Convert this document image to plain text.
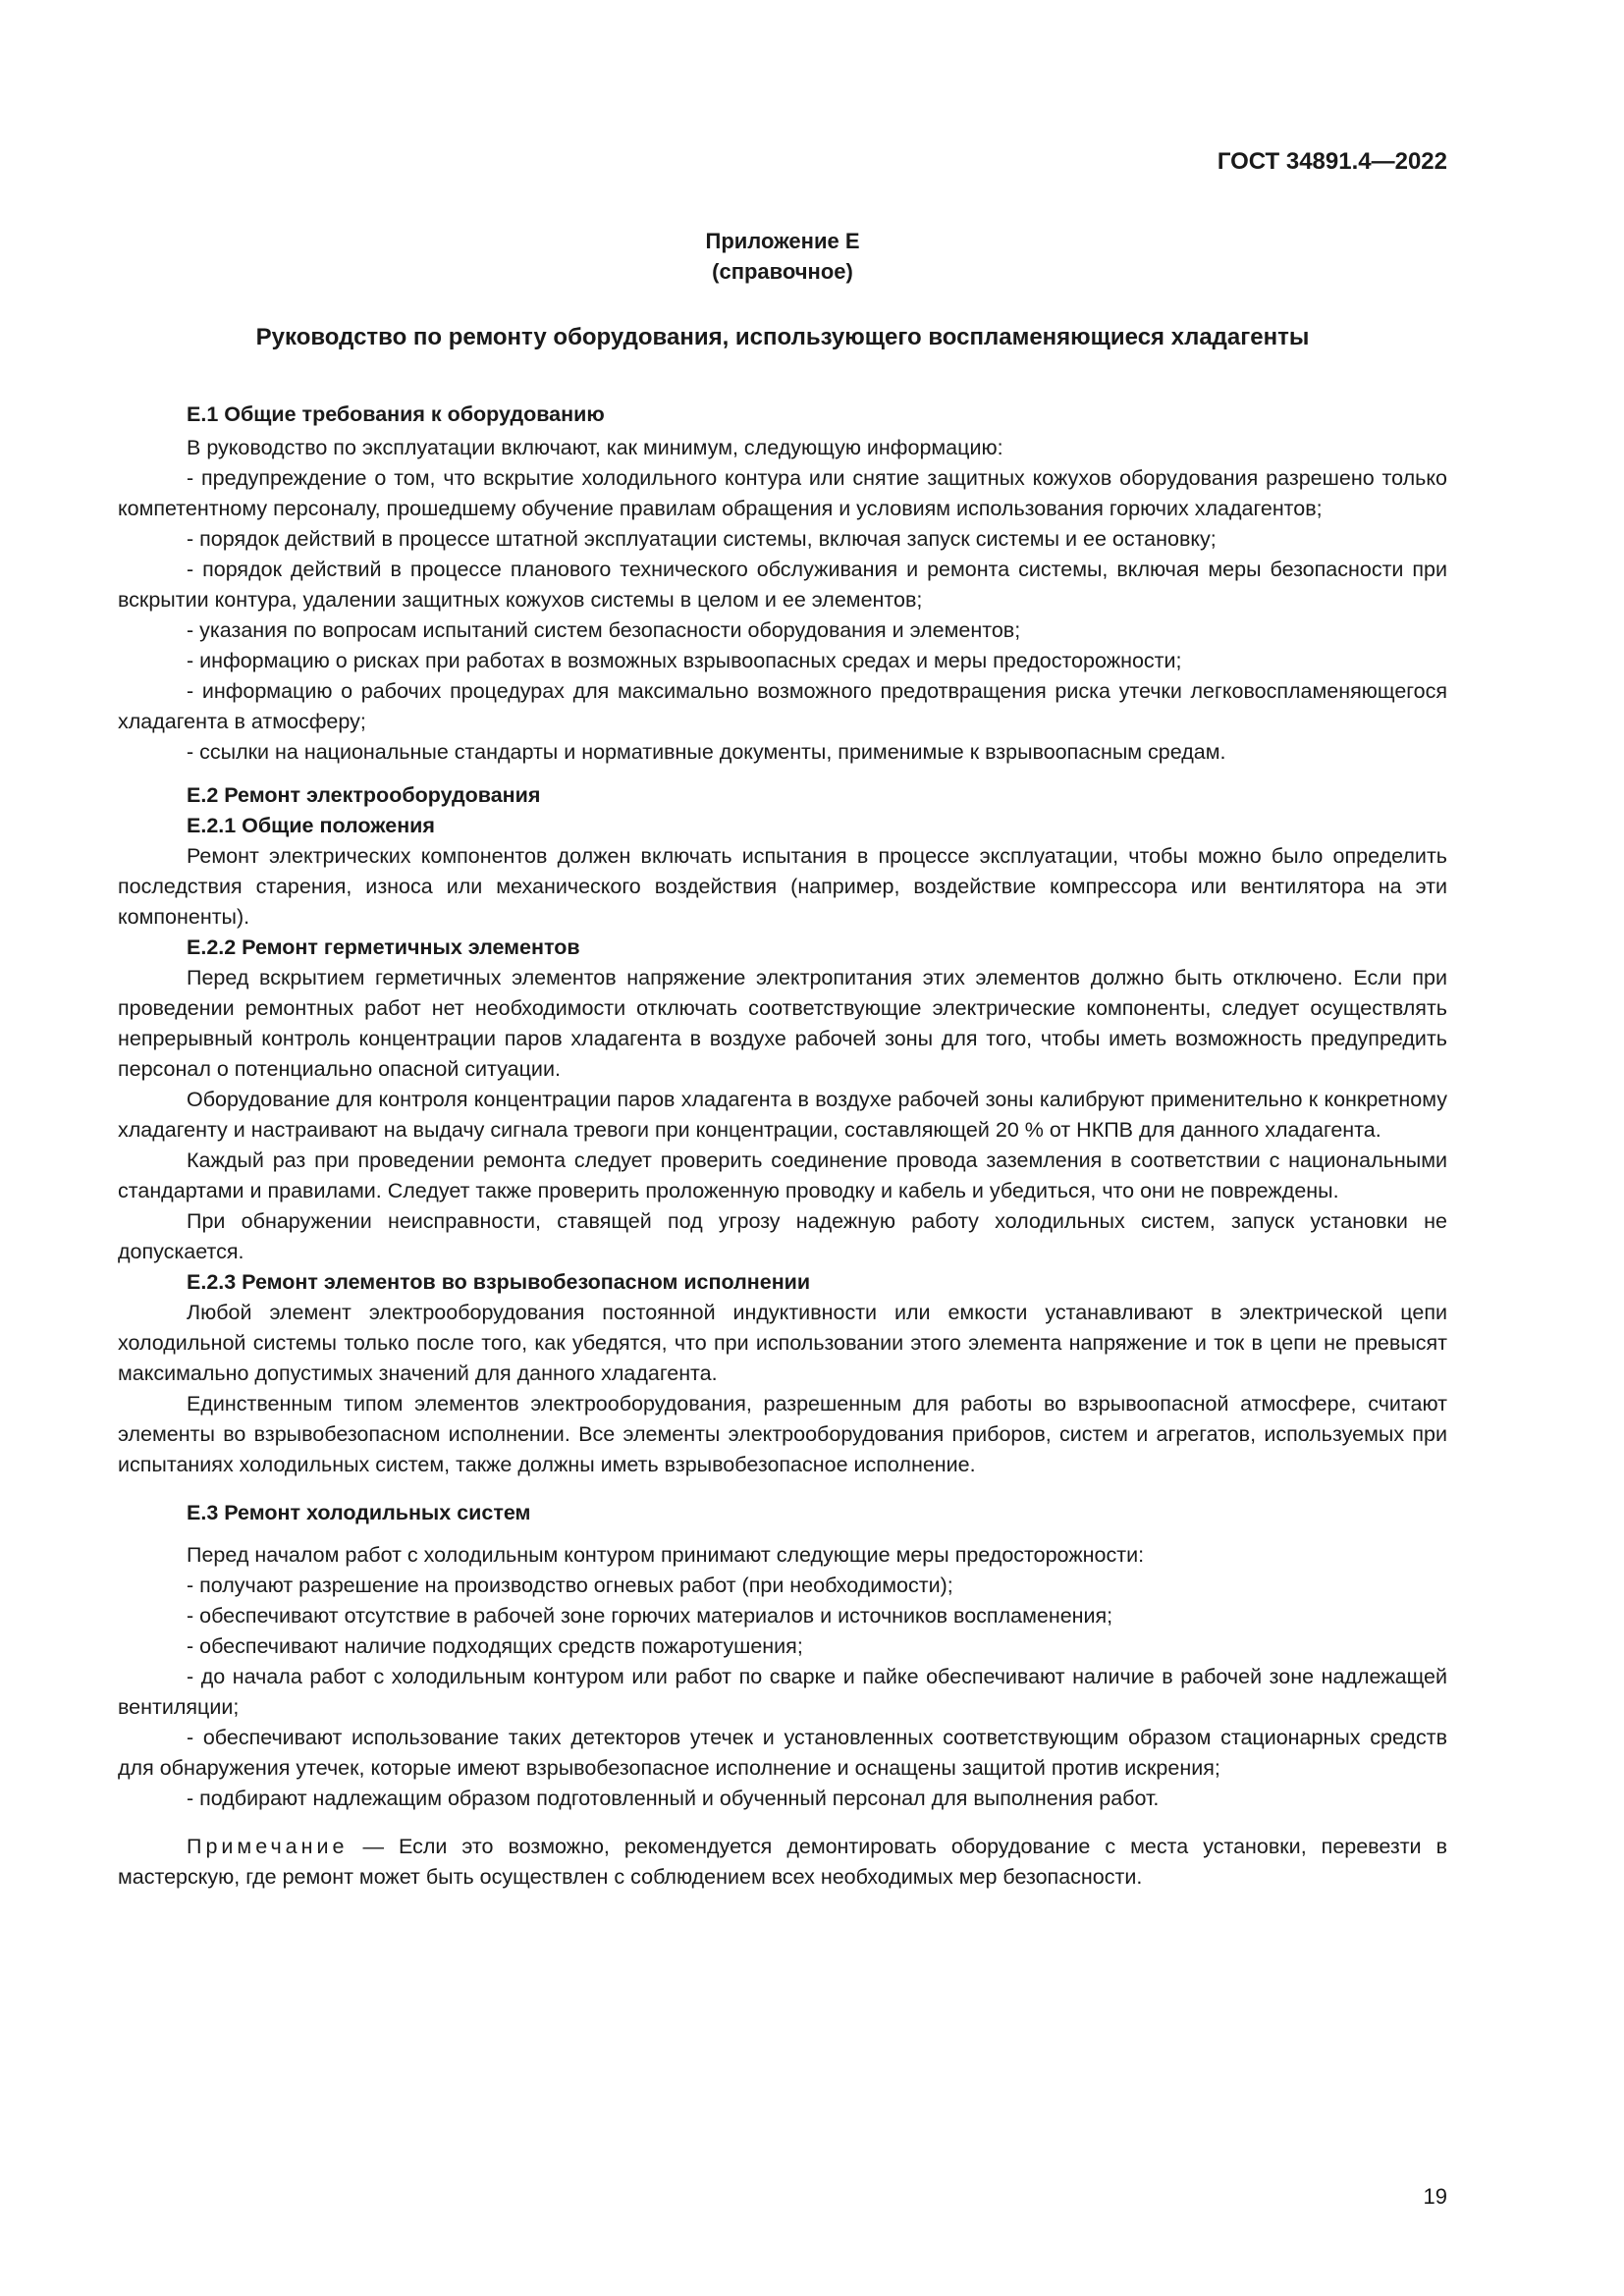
ГОСТ 34891.4—2022
Приложение Е
(справочное)
Руководство по ремонту оборудования, использующего воспламеняющиеся хладагенты
Е.1 Общие требования к оборудованию

В руководство по эксплуатации включают, как минимум, следующую информацию:

- предупреждение о том, что вскрытие холодильного контура или снятие защитных кожухов оборудования разрешено только компетентному персоналу, прошедшему обучение правилам обращения и условиям использования горючих хладагентов;

- порядок действий в процессе штатной эксплуатации системы, включая запуск системы и ее остановку;

- порядок действий в процессе планового технического обслуживания и ремонта системы, включая меры безопасности при вскрытии контура, удалении защитных кожухов системы в целом и ее элементов;

- указания по вопросам испытаний систем безопасности оборудования и элементов;

- информацию о рисках при работах в возможных взрывоопасных средах и меры предосторожности;

- информацию о рабочих процедурах для максимально возможного предотвращения риска утечки легковоспламеняющегося хладагента в атмосферу;

- ссылки на национальные стандарты и нормативные документы, применимые к взрывоопасным средам.

Е.2 Ремонт электрооборудования
Е.2.1 Общие положения

Ремонт электрических компонентов должен включать испытания в процессе эксплуатации, чтобы можно было определить последствия старения, износа или механического воздействия (например, воздействие компрессора или вентилятора на эти компоненты).

Е.2.2 Ремонт герметичных элементов

Перед вскрытием герметичных элементов напряжение электропитания этих элементов должно быть отключено. Если при проведении ремонтных работ нет необходимости отключать соответствующие электрические компоненты, следует осуществлять непрерывный контроль концентрации паров хладагента в воздухе рабочей зоны для того, чтобы иметь возможность предупредить персонал о потенциально опасной ситуации.

Оборудование для контроля концентрации паров хладагента в воздухе рабочей зоны калибруют применительно к конкретному хладагенту и настраивают на выдачу сигнала тревоги при концентрации, составляющей 20 % от НКПВ для данного хладагента.

Каждый раз при проведении ремонта следует проверить соединение провода заземления в соответствии с национальными стандартами и правилами. Следует также проверить проложенную проводку и кабель и убедиться, что они не повреждены.

При обнаружении неисправности, ставящей под угрозу надежную работу холодильных систем, запуск установки не допускается.

Е.2.3 Ремонт элементов во взрывобезопасном исполнении

Любой элемент электрооборудования постоянной индуктивности или емкости устанавливают в электрической цепи холодильной системы только после того, как убедятся, что при использовании этого элемента напряжение и ток в цепи не превысят максимально допустимых значений для данного хладагента.

Единственным типом элементов электрооборудования, разрешенным для работы во взрывоопасной атмосфере, считают элементы во взрывобезопасном исполнении. Все элементы электрооборудования приборов, систем и агрегатов, используемых при испытаниях холодильных систем, также должны иметь взрывобезопасное исполнение.

Е.3 Ремонт холодильных систем

Перед началом работ с холодильным контуром принимают следующие меры предосторожности:

- получают разрешение на производство огневых работ (при необходимости);

- обеспечивают отсутствие в рабочей зоне горючих материалов и источников воспламенения;

- обеспечивают наличие подходящих средств пожаротушения;

- до начала работ с холодильным контуром или работ по сварке и пайке обеспечивают наличие в рабочей зоне надлежащей вентиляции;

- обеспечивают использование таких детекторов утечек и установленных соответствующим образом стационарных средств для обнаружения утечек, которые имеют взрывобезопасное исполнение и оснащены защитой против искрения;

- подбирают надлежащим образом подготовленный и обученный персонал для выполнения работ.

Примечание — Если это возможно, рекомендуется демонтировать оборудование с места установки, перевезти в мастерскую, где ремонт может быть осуществлен с соблюдением всех необходимых мер безопасности.

19
